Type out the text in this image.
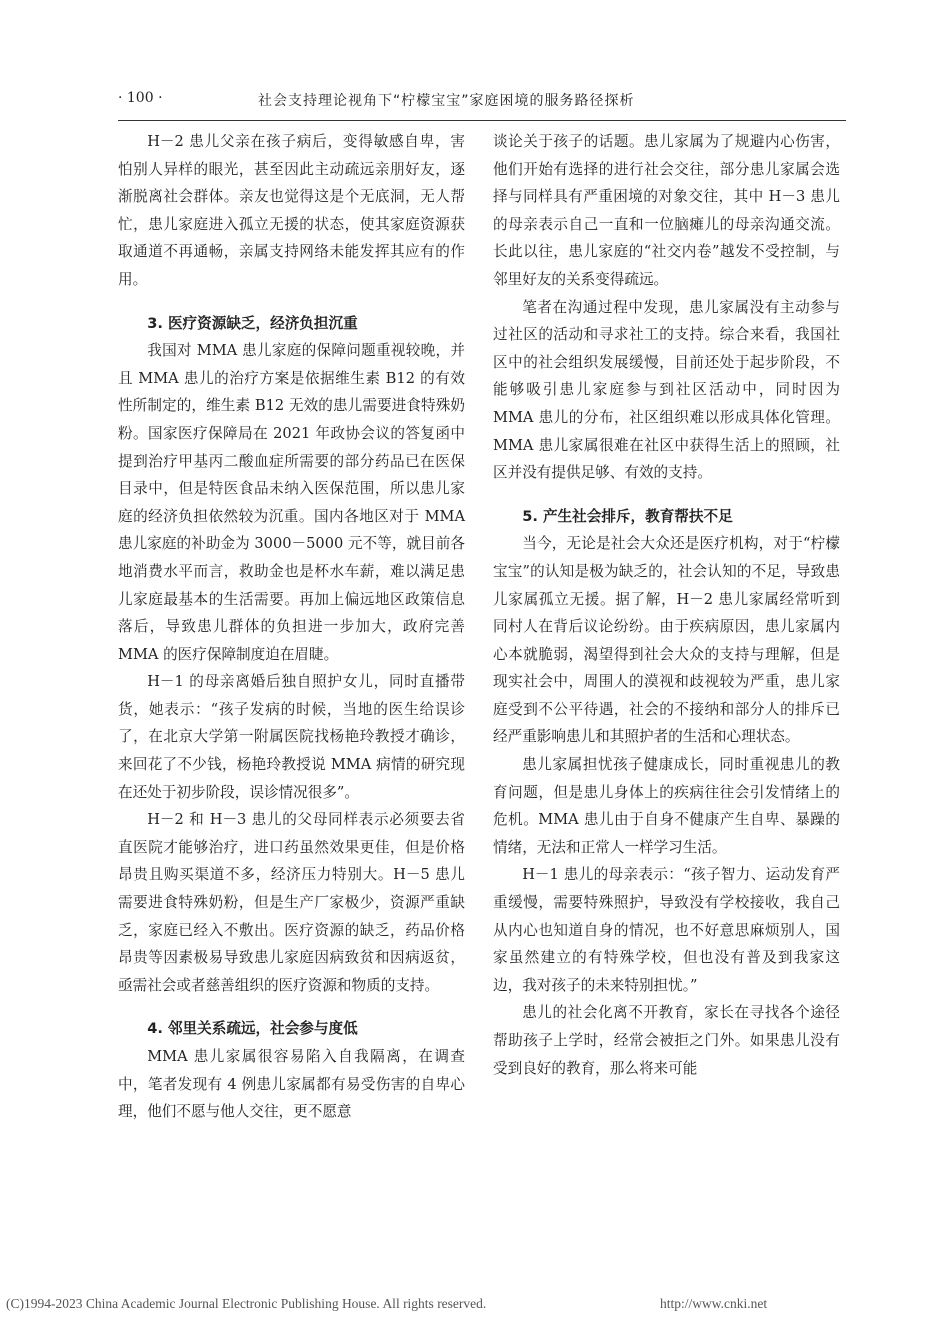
· 100 ·	社会支持理论视角下“柠檬宝宝”家庭困境的服务路径探析

H－2 患儿父亲在孩子病后，变得敏感自卑，害怕别人异样的眼光，甚至因此主动疏远亲朋好友，逐渐脱离社会群体。亲友也觉得这是个无底洞，无人帮忙，患儿家庭进入孤立无援的状态，使其家庭资源获取通道不再通畅，亲属支持网络未能发挥其应有的作用。

3. 医疗资源缺乏，经济负担沉重

我国对 MMA 患儿家庭的保障问题重视较晚，并且 MMA 患儿的治疗方案是依据维生素 B12 的有效性所制定的，维生素 B12 无效的患儿需要进食特殊奶粉。国家医疗保障局在 2021 年政协会议的答复函中提到治疗甲基丙二酸血症所需要的部分药品已在医保目录中，但是特医食品未纳入医保范围，所以患儿家庭的经济负担依然较为沉重。国内各地区对于 MMA 患儿家庭的补助金为 3000－5000 元不等，就目前各地消费水平而言，救助金也是杯水车薪，难以满足患儿家庭最基本的生活需要。再加上偏远地区政策信息落后，导致患儿群体的负担进一步加大，政府完善 MMA 的医疗保障制度迫在眉睫。

H－1 的母亲离婚后独自照护女儿，同时直播带货，她表示：“孩子发病的时候，当地的医生给误诊了，在北京大学第一附属医院找杨艳玲教授才确诊，来回花了不少钱，杨艳玲教授说 MMA 病情的研究现在还处于初步阶段，误诊情况很多”。

H－2 和 H－3 患儿的父母同样表示必须要去省直医院才能够治疗，进口药虽然效果更佳，但是价格昂贵且购买渠道不多，经济压力特别大。H－5 患儿需要进食特殊奶粉，但是生产厂家极少，资源严重缺乏，家庭已经入不敷出。医疗资源的缺乏，药品价格昂贵等因素极易导致患儿家庭因病致贫和因病返贫，亟需社会或者慈善组织的医疗资源和物质的支持。

4. 邻里关系疏远，社会参与度低

MMA 患儿家属很容易陷入自我隔离，在调查中，笔者发现有 4 例患儿家属都有易受伤害的自卑心理，他们不愿与他人交往，更不愿意

谈论关于孩子的话题。患儿家属为了规避内心伤害，他们开始有选择的进行社会交往，部分患儿家属会选择与同样具有严重困境的对象交往，其中 H－3 患儿的母亲表示自己一直和一位脑瘫儿的母亲沟通交流。长此以往，患儿家庭的“社交内卷”越发不受控制，与邻里好友的关系变得疏远。

笔者在沟通过程中发现，患儿家属没有主动参与过社区的活动和寻求社工的支持。综合来看，我国社区中的社会组织发展缓慢，目前还处于起步阶段，不能够吸引患儿家庭参与到社区活动中，同时因为 MMA 患儿的分布，社区组织难以形成具体化管理。MMA 患儿家属很难在社区中获得生活上的照顾，社区并没有提供足够、有效的支持。

5. 产生社会排斥，教育帮扶不足

当今，无论是社会大众还是医疗机构，对于“柠檬宝宝”的认知是极为缺乏的，社会认知的不足，导致患儿家属孤立无援。据了解，H－2 患儿家属经常听到同村人在背后议论纷纷。由于疾病原因，患儿家属内心本就脆弱，渴望得到社会大众的支持与理解，但是现实社会中，周围人的漠视和歧视较为严重，患儿家庭受到不公平待遇，社会的不接纳和部分人的排斥已经严重影响患儿和其照护者的生活和心理状态。

患儿家属担忧孩子健康成长，同时重视患儿的教育问题，但是患儿身体上的疾病往往会引发情绪上的危机。MMA 患儿由于自身不健康产生自卑、暴躁的情绪，无法和正常人一样学习生活。

H－1 患儿的母亲表示：“孩子智力、运动发育严重缓慢，需要特殊照护，导致没有学校接收，我自己从内心也知道自身的情况，也不好意思麻烦别人，国家虽然建立的有特殊学校，但也没有普及到我家这边，我对孩子的未来特别担忧。”

患儿的社会化离不开教育，家长在寻找各个途径帮助孩子上学时，经常会被拒之门外。如果患儿没有受到良好的教育，那么将来可能

(C)1994-2023 China Academic Journal Electronic Publishing House. All rights reserved.	http://www.cnki.net
